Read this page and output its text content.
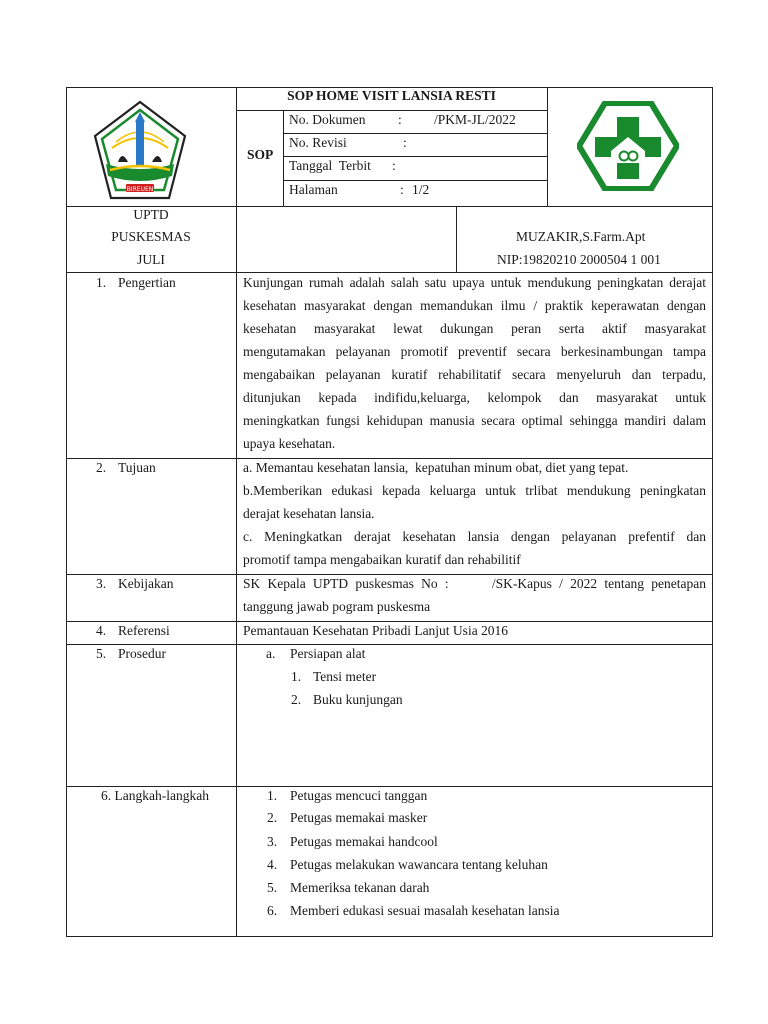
BIREUEN
SOP HOME VISIT LANSIA RESTI
SOP
No. Dokumen : /PKM-JL/2022
No. Revisi	:
Tanggal  Terbit :
Halaman	: 1/2
UPTD
PUSKESMAS
JULI
MUZAKIR,S.Farm.Apt
NIP:19820210 2000504 1 001
1. Pengertian	Kunjungan rumah adalah salah satu upaya untuk mendukung peningkatan derajat
kesehatan masyarakat dengan memandukan ilmu / praktik keperawatan dengan
kesehatan masyarakat lewat dukungan peran serta aktif masyarakat
mengutamakan pelayanan promotif preventif secara berkesinambungan tampa
mengabaikan pelayanan kuratif rehabilitatif secara menyeluruh dan terpadu,
ditunjukan kepada indifidu,keluarga, kelompok dan masyarakat untuk
meningkatkan fungsi kehidupan manusia secara optimal sehingga mandiri dalam
upaya kesehatan.
2. Tujuan	a. Memantau kesehatan lansia,  kepatuhan minum obat, diet yang tepat.
b.Memberikan edukasi kepada keluarga untuk trlibat mendukung peningkatan
derajat kesehatan lansia.
c. Meningkatkan derajat kesehatan lansia dengan pelayanan prefentif dan
promotif tampa mengabaikan kuratif dan rehabilitif
3. Kebijakan	SK Kepala UPTD puskesmas No :      /SK-Kapus / 2022 tentang penetapan
tanggung jawab pogram puskesma
4. Referensi	Pemantauan Kesehatan Pribadi Lanjut Usia 2016
5. Prosedur	a. Persiapan alat
1. Tensi meter
2. Buku kunjungan
6. Langkah-langkah	1. Petugas mencuci tanggan
2. Petugas memakai masker
3. Petugas memakai handcool
4. Petugas melakukan wawancara tentang keluhan
5. Memeriksa tekanan darah
6. Memberi edukasi sesuai masalah kesehatan lansia
